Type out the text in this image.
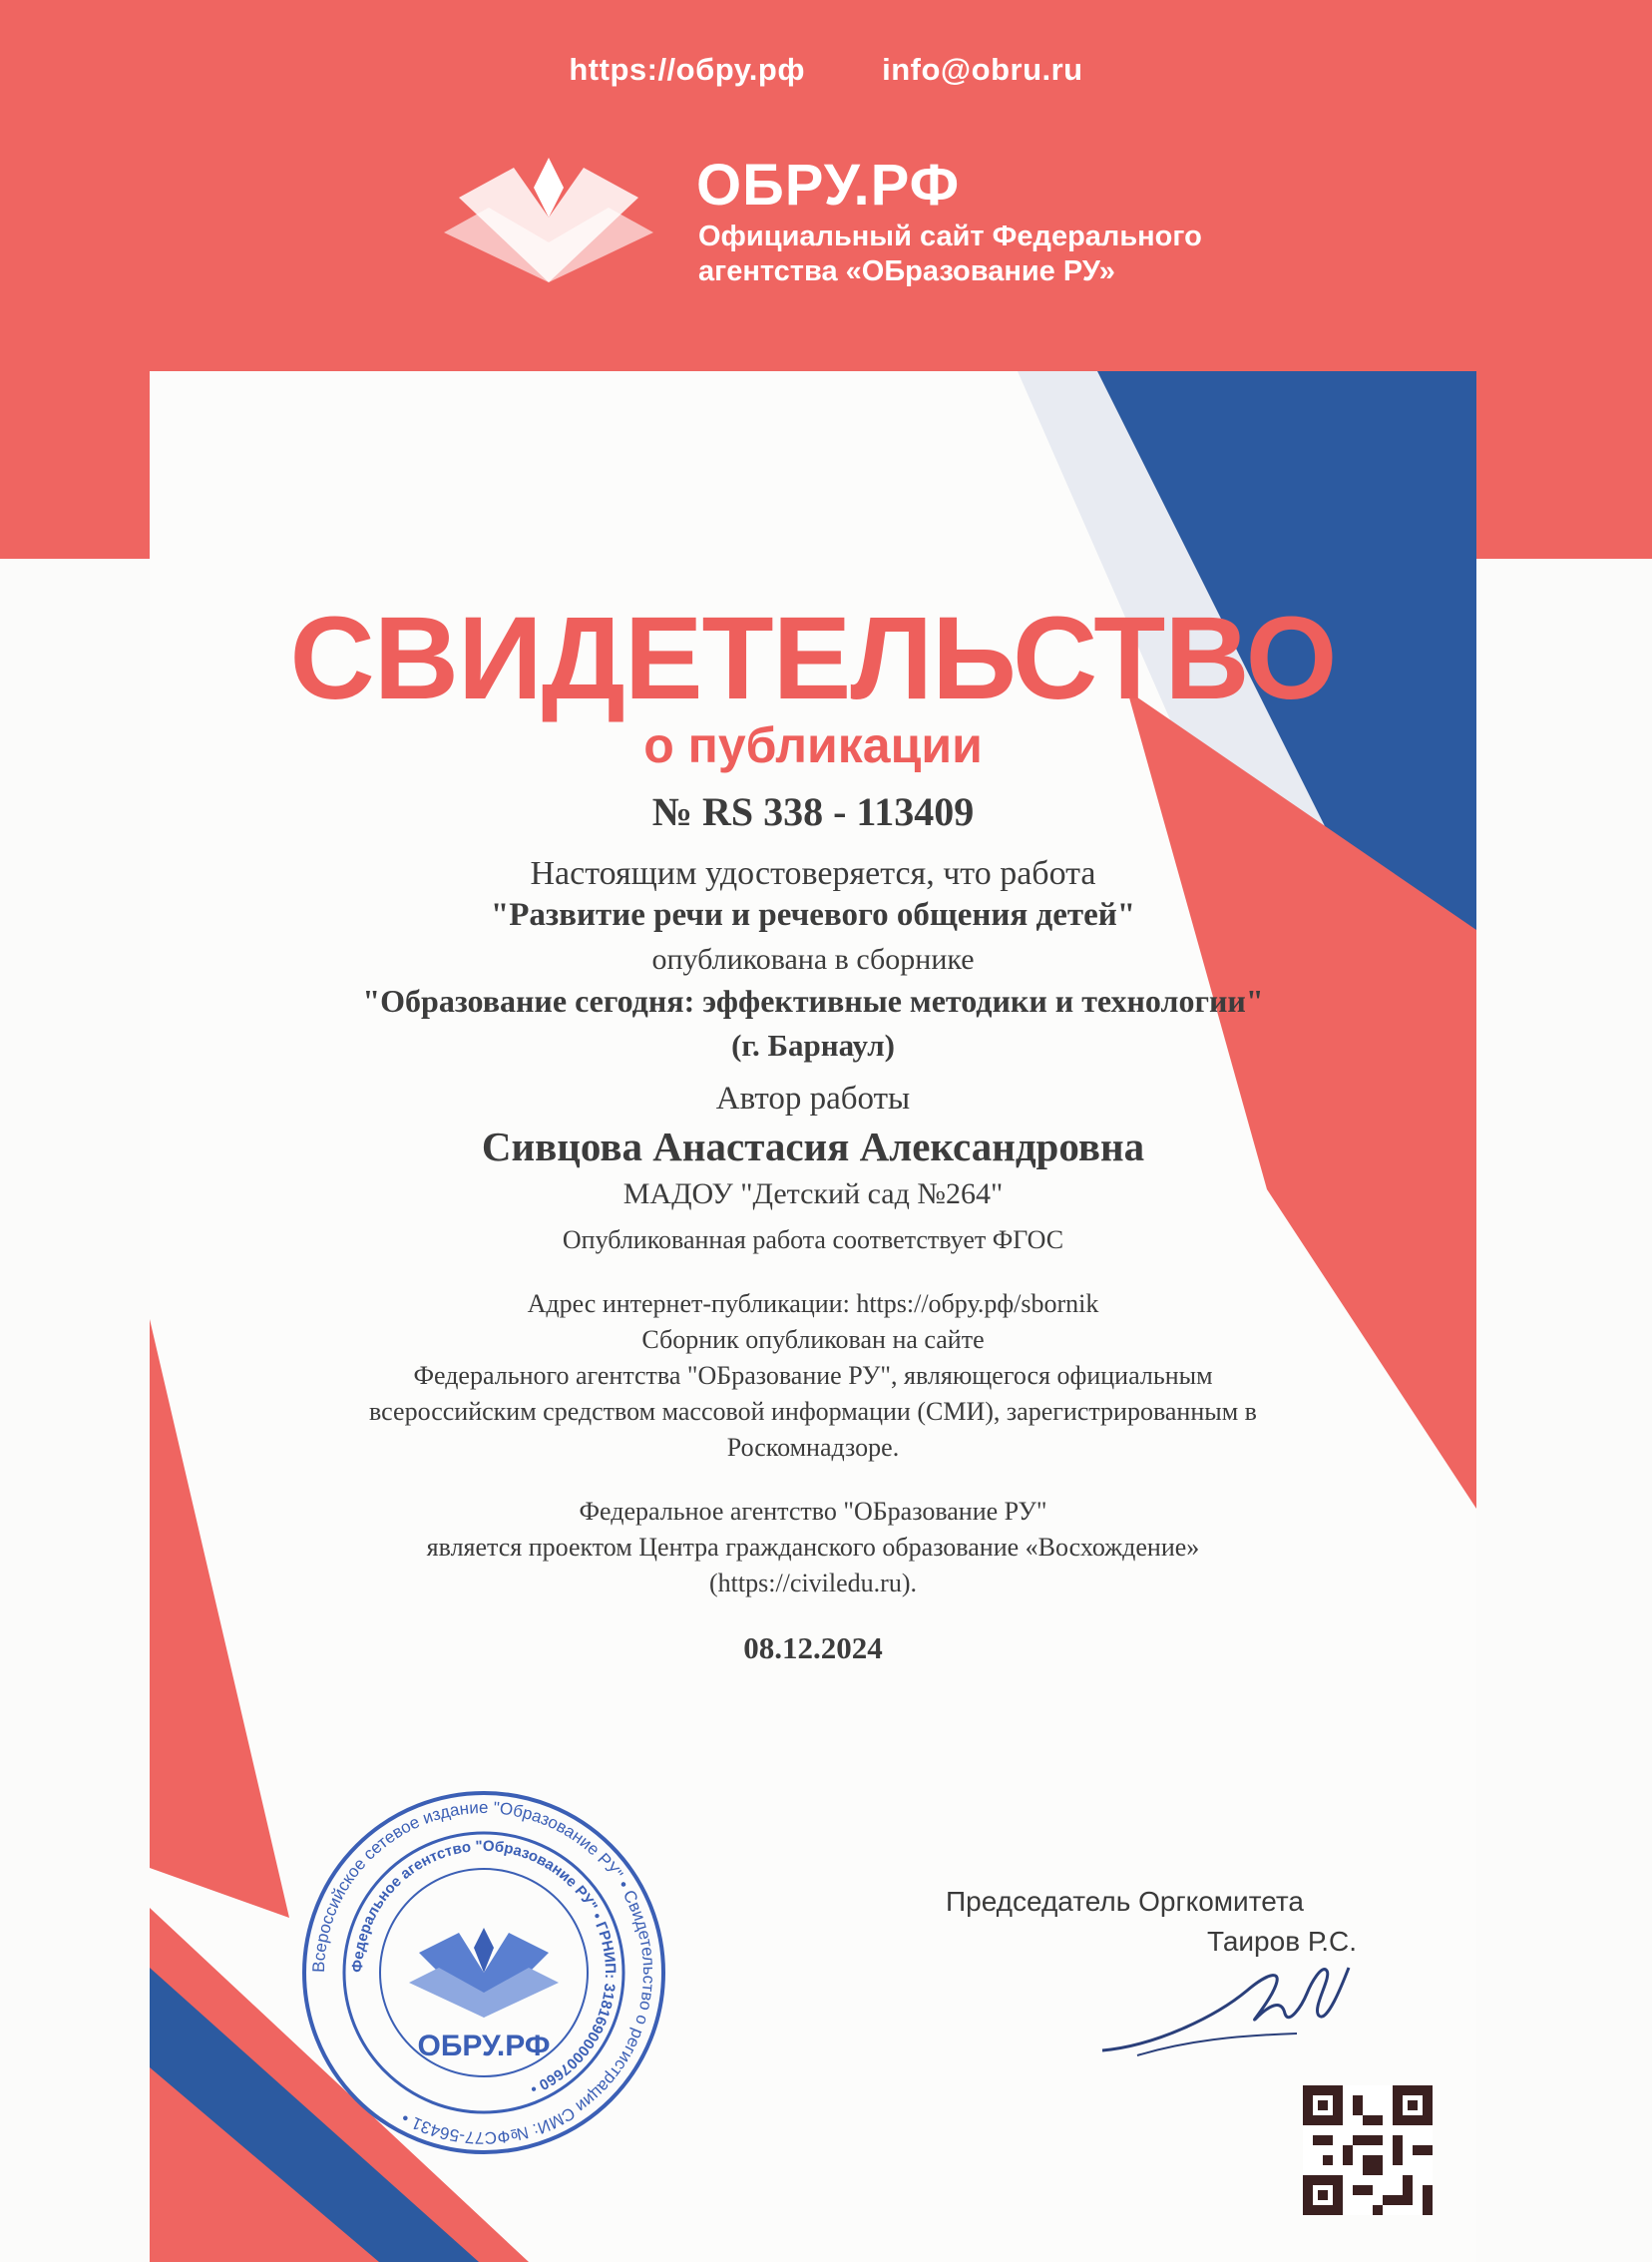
https://обру.рф info@obru.ru
ОБРУ.РФ
Официальный сайт Федерального
агентства «ОБразование РУ»
СВИДЕТЕЛЬСТВО
о публикации
№ RS 338 - 113409
Настоящим удостоверяется, что работа
"Развитие речи и речевого общения детей"
опубликована в сборнике
"Образование сегодня: эффективные методики и технологии"
(г. Барнаул)
Автор работы
Сивцова Анастасия Александровна
МАДОУ "Детский сад №264"
Опубликованная работа соответствует ФГОС
Адрес интернет-публикации: https://обру.рф/sbornik
Сборник опубликован на сайте
Федерального агентства "ОБразование РУ", являющегося официальным
всероссийским средством массовой информации (СМИ), зарегистрированным в
Роскомнадзоре.
Федеральное агентство "ОБразование РУ"
является проектом Центра гражданского образование «Восхождение»
(https://civiledu.ru).
08.12.2024
Председатель Оргкомитета
Таиров Р.С.
Всероссийское сетевое издание "Образование РУ" • Свидетельство о регистрации СМИ: №ФС77-56431 •
Федеральное агентство "Образование РУ" • ГРНИП: 318169000007660 •
ОБРУ.РФ
